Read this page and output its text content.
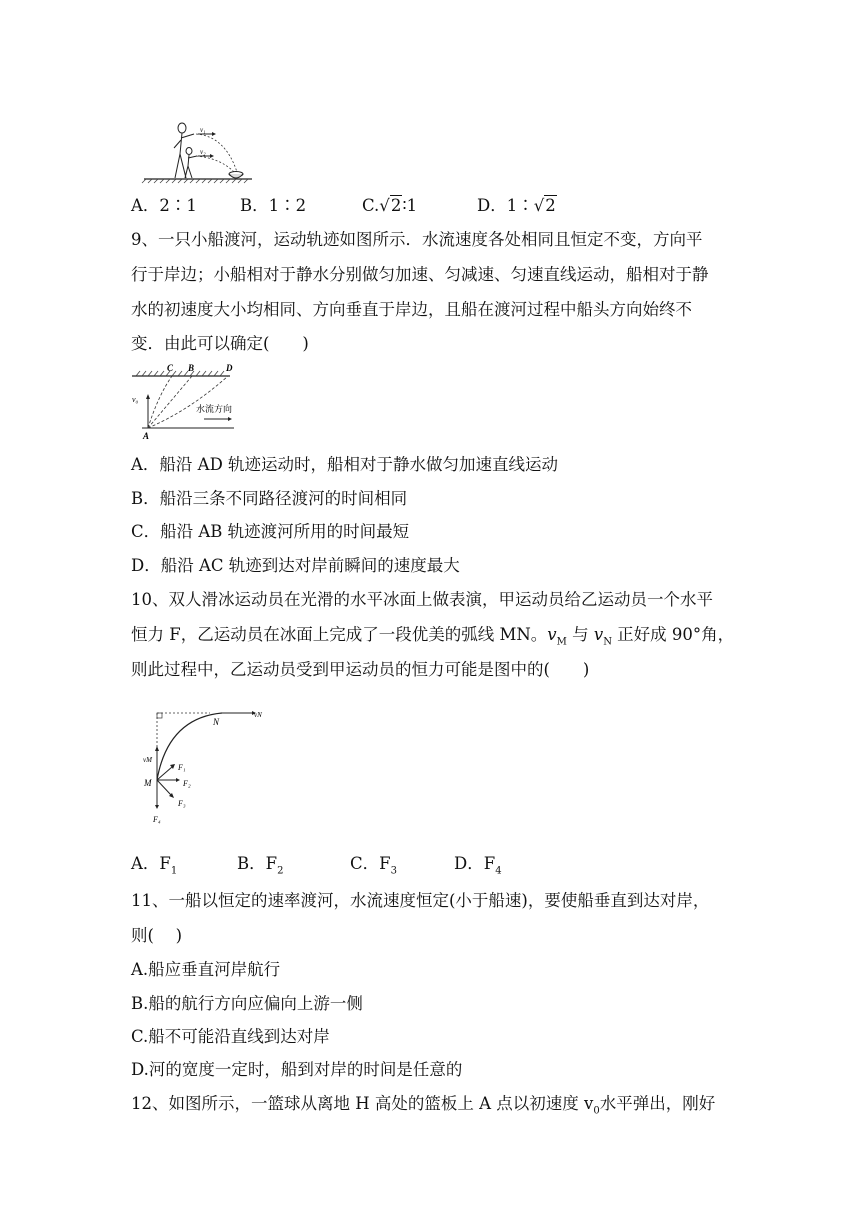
v₁
v₂
A．2∶1	B．1∶2	C.√2∶1	D．1∶√2
9、一只小船渡河，运动轨迹如图所示．水流速度各处相同且恒定不变，方向平
行于岸边；小船相对于静水分别做匀加速、匀减速、匀速直线运动，船相对于静
水的初速度大小均相同、方向垂直于岸边，且船在渡河过程中船头方向始终不
变．由此可以确定(　　)
C B	D
v₀
A
水流方向
A．船沿 AD 轨迹运动时，船相对于静水做匀加速直线运动
B．船沿三条不同路径渡河的时间相同
C．船沿 AB 轨迹渡河所用的时间最短
D．船沿 AC 轨迹到达对岸前瞬间的速度最大
10、双人滑冰运动员在光滑的水平冰面上做表演，甲运动员给乙运动员一个水平
恒力 F，乙运动员在冰面上完成了一段优美的弧线 MN。$v_M$ 与 $v_N$ 正好成 90°角，
则此过程中，乙运动员受到甲运动员的恒力可能是图中的(　　)
vN
N
vM
M
F₁
F₂
F₃
F₄
A．$F_1$	B．$F_2$	C．$F_3$	D．$F_4$
11、一船以恒定的速率渡河，水流速度恒定(小于船速)，要使船垂直到达对岸，
则(　 )
A.船应垂直河岸航行
B.船的航行方向应偏向上游一侧
C.船不可能沿直线到达对岸
D.河的宽度一定时，船到对岸的时间是任意的
12、如图所示，一篮球从离地 H 高处的篮板上 A 点以初速度 $v_0$水平弹出，刚好
